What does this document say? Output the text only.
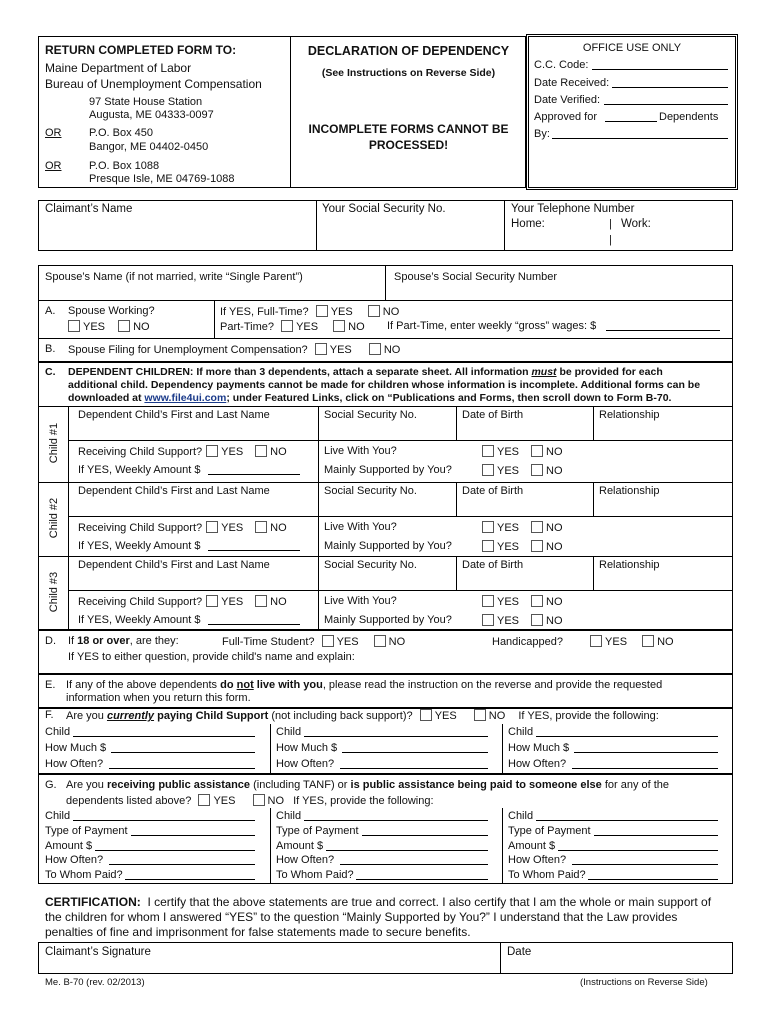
RETURN COMPLETED FORM TO:
Maine Department of Labor
Bureau of Unemployment Compensation
97 State House Station
Augusta, ME 04333-0097
OR	P.O. Box 450
Bangor, ME 04402-0450
OR	P.O. Box 1088
Presque Isle, ME 04769-1088
DECLARATION OF DEPENDENCY
(See Instructions on Reverse Side)
INCOMPLETE FORMS CANNOT BE
PROCESSED!
OFFICE USE ONLY
C.C. Code:
Date Received:
Date Verified:
Approved for	Dependents
By:
Claimant’s Name	Your Social Security No.	Your Telephone Number
Home:	| Work:
|
Spouse’s Name (if not married, write “Single Parent”)	Spouse’s Social Security Number
A. Spouse Working?
YES	NO
If YES, Full-Time? YES	NO
Part-Time? YES	NO If Part-Time, enter weekly “gross” wages: $
B. Spouse Filing for Unemployment Compensation? YES	NO
C. DEPENDENT CHILDREN: If more than 3 dependents, attach a separate sheet. All information must be provided for each
additional child. Dependency payments cannot be made for children whose information is incomplete. Additional forms can be
downloaded at www.file4ui.com; under Featured Links, click on “Publications and Forms, then scroll down to Form B-70.
Child #1
Dependent Child’s First and Last Name	Social Security No.	Date of Birth	Relationship
Receiving Child Support? YES NO	Live With You?	YES NO
If YES, Weekly Amount $	Mainly Supported by You?	YES NO
Child #2
Dependent Child’s First and Last Name	Social Security No.	Date of Birth	Relationship
Receiving Child Support? YES NO	Live With You?	YES NO
If YES, Weekly Amount $	Mainly Supported by You?	YES NO
Child #3
Dependent Child’s First and Last Name	Social Security No.	Date of Birth	Relationship
Receiving Child Support? YES NO	Live With You?	YES NO
If YES, Weekly Amount $	Mainly Supported by You?	YES NO
D. If 18 or over, are they:	Full-Time Student? YES	NO	Handicapped?	YES	NO
If YES to either question, provide child's name and explain:
E. If any of the above dependents do not live with you, please read the instruction on the reverse and provide the requested
information when you return this form.
F. Are you currently paying Child Support (not including back support)? YES	NO If YES, provide the following:
Child
How Much $
How Often?
Child
How Much $
How Often?
Child
How Much $
How Often?
G. Are you receiving public assistance (including TANF) or is public assistance being paid to someone else for any of the
dependents listed above? YES	NO If YES, provide the following:
Child
Type of Payment
Amount $
How Often?
To Whom Paid?
Child
Type of Payment
Amount $
How Often?
To Whom Paid?
Child
Type of Payment
Amount $
How Often?
To Whom Paid?
CERTIFICATION: I certify that the above statements are true and correct. I also certify that I am the whole or main support of
the children for whom I answered “YES” to the question “Mainly Supported by You?” I understand that the Law provides
penalties of fine and imprisonment for false statements made to secure benefits.
Claimant’s Signature	Date
Me. B-70 (rev. 02/2013)	(Instructions on Reverse Side)
